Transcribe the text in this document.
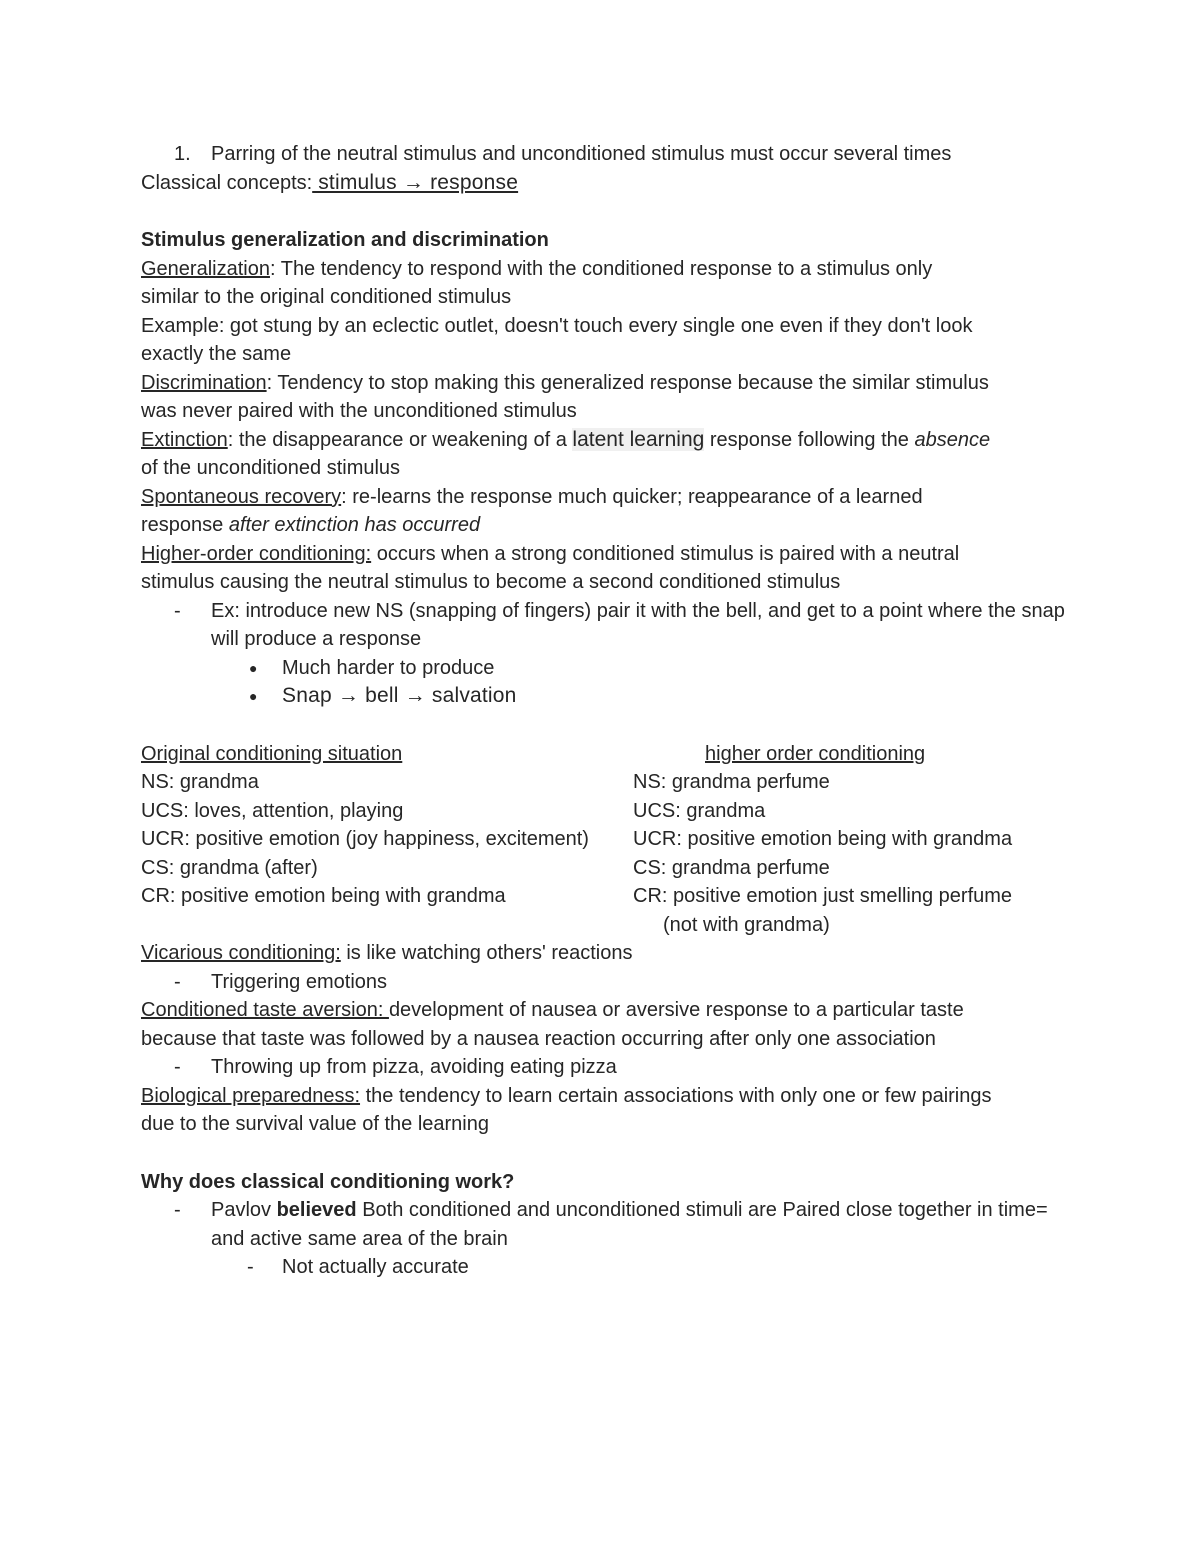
1. Parring of the neutral stimulus and unconditioned stimulus must occur several times
Classical concepts: stimulus → response
Stimulus generalization and discrimination
Generalization: The tendency to respond with the conditioned response to a stimulus only
similar to the original conditioned stimulus
Example: got stung by an eclectic outlet, doesn't touch every single one even if they don't look
exactly the same
Discrimination: Tendency to stop making this generalized response because the similar stimulus
was never paired with the unconditioned stimulus
Extinction: the disappearance or weakening of a latent learning response following the absence
of the unconditioned stimulus
Spontaneous recovery: re-learns the response much quicker; reappearance of a learned
response after extinction has occurred
Higher-order conditioning: occurs when a strong conditioned stimulus is paired with a neutral
stimulus causing the neutral stimulus to become a second conditioned stimulus
- Ex: introduce new NS (snapping of fingers) pair it with the bell, and get to a point where the snap will produce a response
● Much harder to produce
● Snap → bell → salvation
Original conditioning situation
NS: grandma
UCS: loves, attention, playing
UCR: positive emotion (joy happiness, excitement)
CS: grandma (after)
CR: positive emotion being with grandma
higher order conditioning
NS: grandma perfume
UCS: grandma
UCR: positive emotion being with grandma
CS: grandma perfume
CR: positive emotion just smelling perfume
(not with grandma)
Vicarious conditioning: is like watching others' reactions
- Triggering emotions
Conditioned taste aversion: development of nausea or aversive response to a particular taste
because that taste was followed by a nausea reaction occurring after only one association
- Throwing up from pizza, avoiding eating pizza
Biological preparedness: the tendency to learn certain associations with only one or few pairings
due to the survival value of the learning
Why does classical conditioning work?
- Pavlov believed Both conditioned and unconditioned stimuli are Paired close together in time= and active same area of the brain
- Not actually accurate
